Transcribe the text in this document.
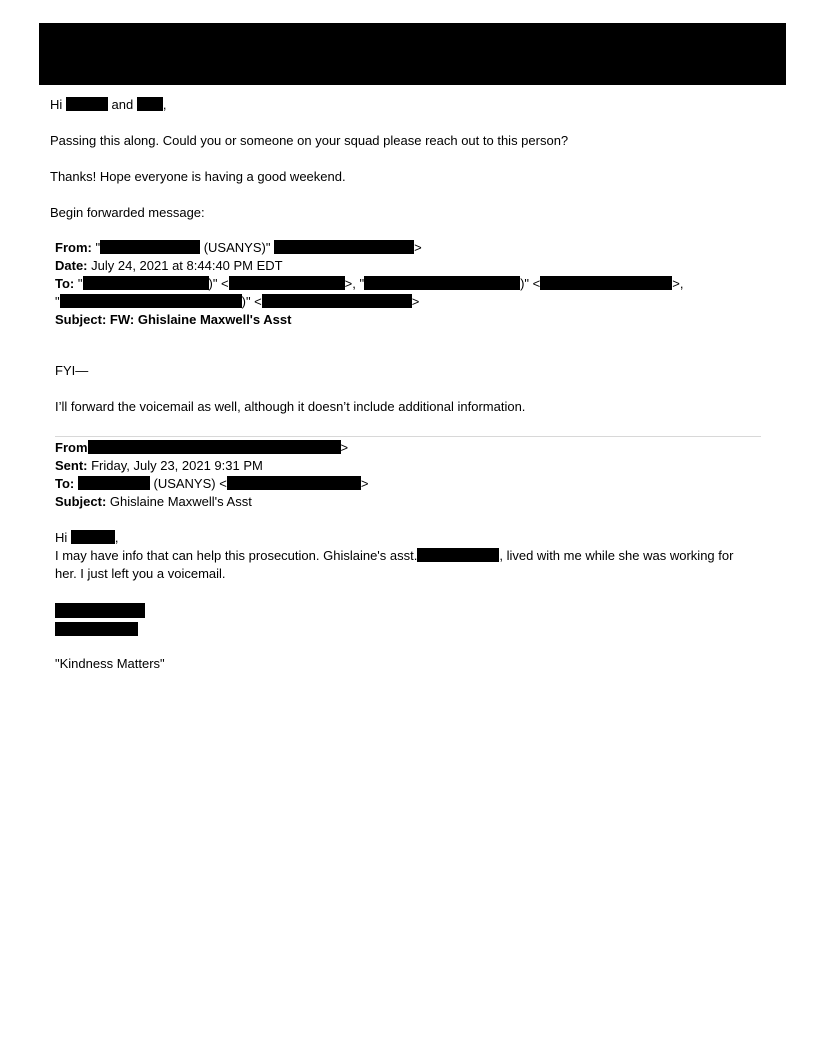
Hi	and ,
Passing this along. Could you or someone on your squad please reach out to this person?
Thanks! Hope everyone is having a good weekend.
Begin forwarded message:
From: "	(USANYS)"	>
Date: July 24, 2021 at 8:44:40 PM EDT
To: "	)" <	>, "	)" <	>,
"	)" <	>
Subject: FW: Ghislaine Maxwell's Asst
FYI—
I’ll forward the voicemail as well, although it doesn’t include additional information.
From	>
Sent: Friday, July 23, 2021 9:31 PM
To:	(USANYS) <	>
Subject: Ghislaine Maxwell's Asst
Hi	,
I may have info that can help this prosecution. Ghislaine's asst.	, lived with me while she was working for
her. I just left you a voicemail.
"Kindness Matters"
